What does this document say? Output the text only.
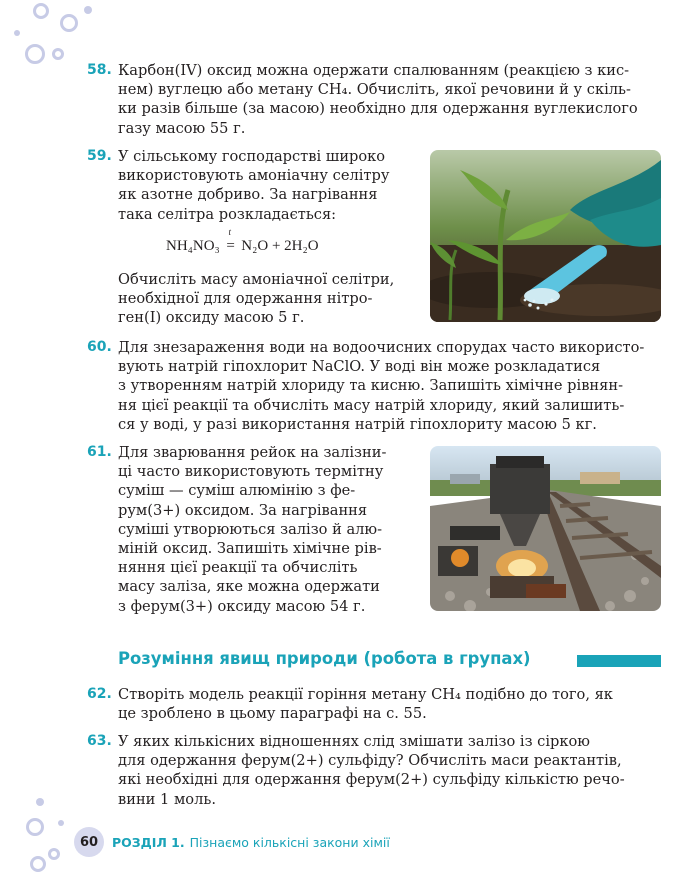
58. Карбон(IV) оксид можна одержати спалюванням (реакцією з кис-

нем) вуглецю або метану CH₄. Обчисліть, якої речовини й у скіль-

ки разів більше (за масою) необхідно для одержання вуглекислого

газу масою 55 г.

59. У сільському господарстві широко

використовують амоніачну селітру

як азотне добриво. За нагрівання

така селітра розкладається:

NH₄NO₃
t
= N₂O + 2H₂O

Обчисліть масу амоніачної селітри,

необхідної для одержання нітро-

ген(I) оксиду масою 5 г.

60. Для знезараження води на водоочисних спорудах часто використо-

вують натрій гіпохлорит NaClO. У воді він може розкладатися

з утворенням натрій хлориду та кисню. Запишіть хімічне рівнян-

ня цієї реакції та обчисліть масу натрій хлориду, який залишить-

ся у воді, у разі використання натрій гіпохлориту масою 5 кг.

61. Для зварювання рейок на залізни-

ці часто використовують термітну

суміш — суміш алюмінію з фе-

рум(3+) оксидом. За нагрівання

суміші утворюються залізо й алю-

міній оксид. Запишіть хімічне рів-

няння цієї реакції та обчисліть

масу заліза, яке можна одержати

з ферум(3+) оксиду масою 54 г.

Розуміння явищ природи (робота в групах)
62. Створіть модель реакції горіння метану CH₄ подібно до того, як

це зроблено в цьому параграфі на с. 55.

63. У яких кількісних відношеннях слід змішати залізо із сіркою

для одержання ферум(2+) сульфіду? Обчисліть маси реактантів,

які необхідні для одержання ферум(2+) сульфіду кількістю речо-

вини 1 моль.

60	РОЗДІЛ 1. Пізнаємо кількісні закони хімії
